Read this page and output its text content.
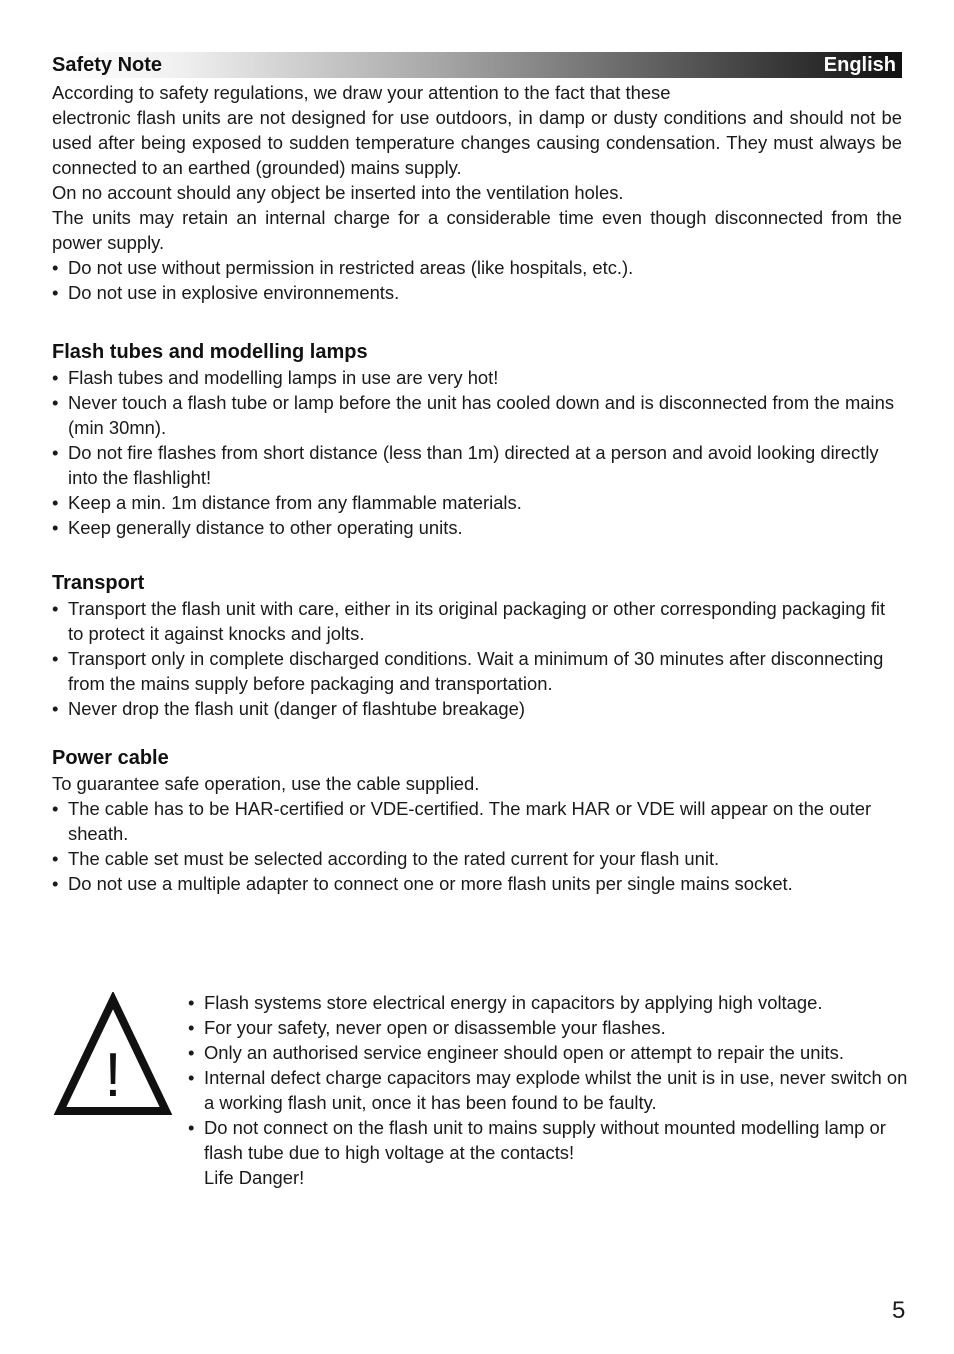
Safety Note	English

According to safety regulations, we draw your attention to the fact that these

electronic flash units are not designed for use outdoors, in damp or dusty conditions and should not be used after being exposed to sudden temperature changes causing condensation. They must always be connected to an earthed (grounded) mains supply.

On no account should any object be inserted into the ventilation holes.

The units may retain an internal charge for a considerable time even though disconnected from the power supply.

• Do not use without permission in restricted areas (like hospitals, etc.).
• Do not use in explosive environnements.
Flash tubes and modelling lamps
• Flash tubes and modelling lamps in use are very hot!
• Never touch a flash tube or lamp before the unit has cooled down and is disconnected from the mains (min 30mn).
• Do not fire flashes from short distance (less than 1m) directed at a person and avoid looking directly into the flashlight!
• Keep a min. 1m distance from any flammable materials.
• Keep generally distance to other operating units.
Transport
• Transport the flash unit with care, either in its original packaging or other corresponding packaging fit to protect it against knocks and jolts.
• Transport only in complete discharged conditions. Wait a minimum of 30 minutes after disconnecting from the mains supply before packaging and transportation.
• Never drop the flash unit (danger of flashtube breakage)
Power cable

To guarantee safe operation, use the cable supplied.

• The cable has to be HAR-certified or VDE-certified. The mark HAR or VDE will appear on the outer sheath.
• The cable set must be selected according to the rated current for your flash unit.
• Do not use a multiple adapter to connect one or more flash units per single mains socket.
!
• Flash systems store electrical energy in capacitors by applying high voltage.
• For your safety, never open or disassemble your flashes.
• Only an authorised service engineer should open or attempt to repair the units.
• Internal defect charge capacitors may explode whilst the unit is in use, never switch on a working flash unit, once it has been found to be faulty.
• Do not connect on the flash unit to mains supply without mounted modelling lamp or flash tube due to high voltage at the contacts!

Life Danger!

5
